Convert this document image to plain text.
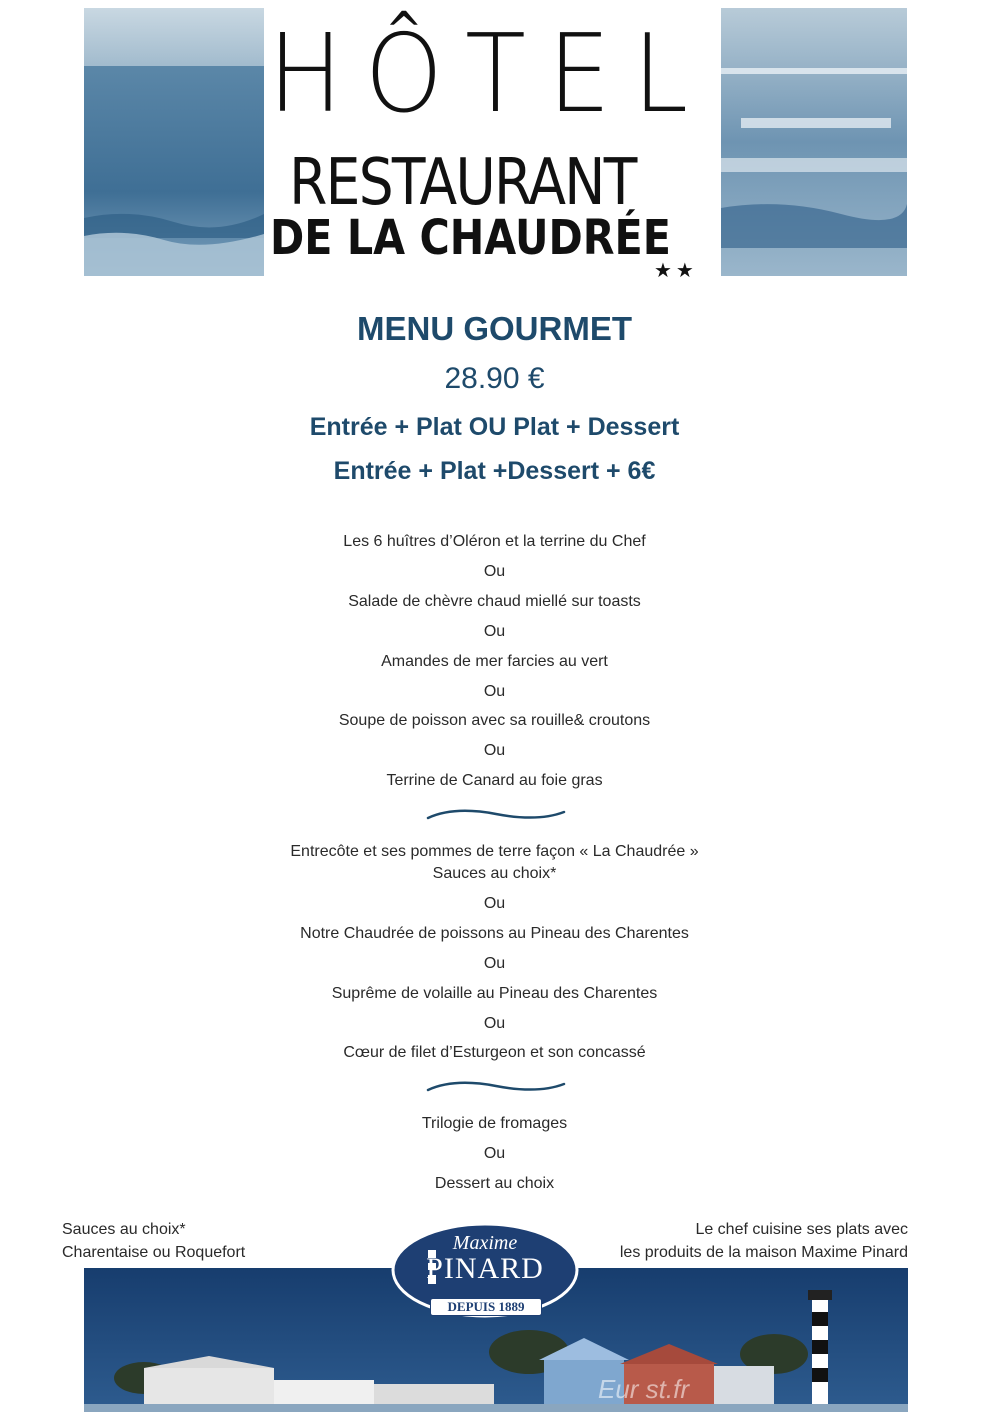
HÔTEL
RESTAURANT
DE LA CHAUDRÉE
★★
MENU GOURMET
28.90 €
Entrée + Plat OU Plat + Dessert
Entrée + Plat +Dessert + 6€
Les 6 huîtres d’Oléron et la terrine du Chef
Ou
Salade de chèvre chaud miellé sur toasts
Ou
Amandes de mer farcies au vert
Ou
Soupe de poisson avec sa rouille& croutons
Ou
Terrine de Canard au foie gras
Entrecôte et ses pommes de terre façon « La Chaudrée »
Sauces au choix*
Ou
Notre Chaudrée de poissons au Pineau des Charentes
Ou
Suprême de volaille au Pineau des Charentes
Ou
Cœur de filet d’Esturgeon et son concassé
Trilogie de fromages
Ou
Dessert au choix
Sauces au choix*
Charentaise ou Roquefort
Le chef cuisine ses plats avec
les produits de la maison Maxime Pinard
Maxime
PINARD
DEPUIS 1889
Eur st.fr
